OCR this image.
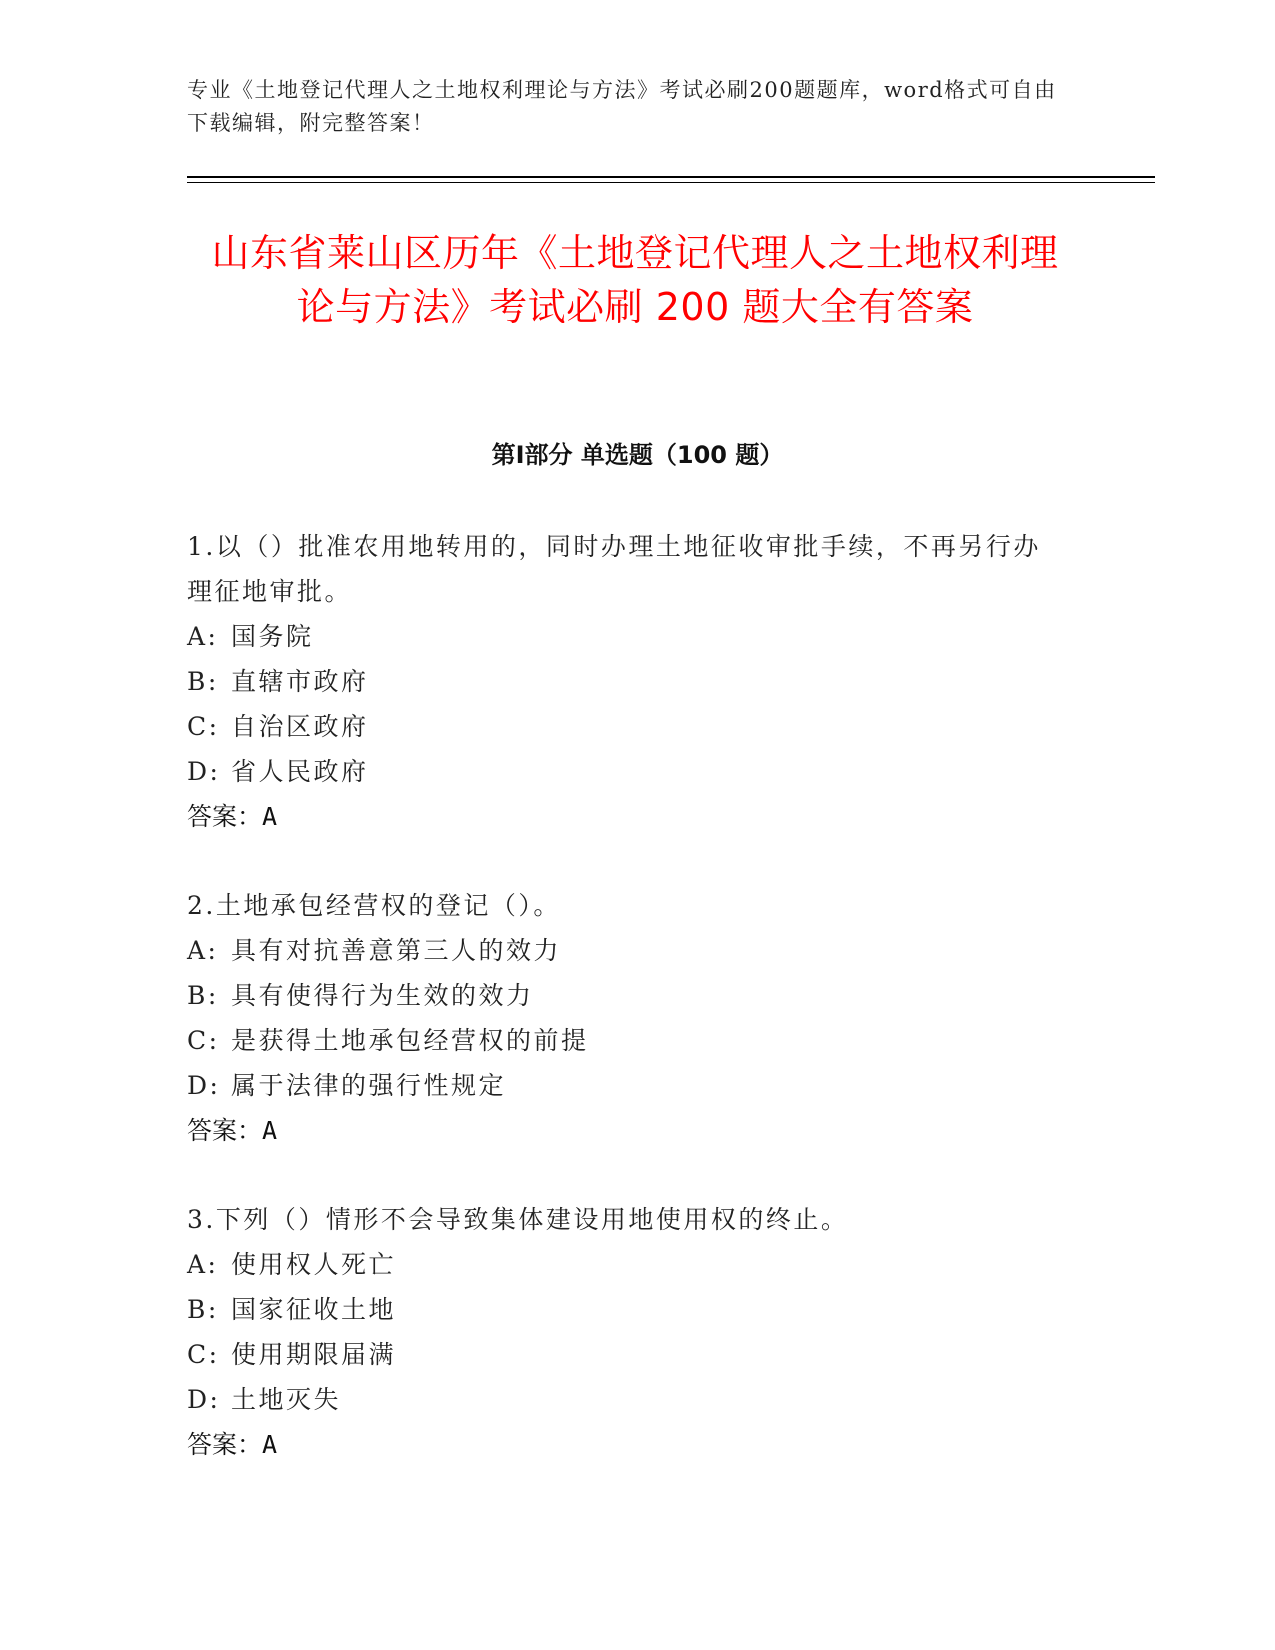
专业《土地登记代理人之土地权利理论与方法》考试必刷200题题库，word格式可自由下载编辑，附完整答案！
山东省莱山区历年《土地登记代理人之土地权利理论与方法》考试必刷 200 题大全有答案
第Ⅰ部分 单选题（100 题）

1.以（）批准农用地转用的，同时办理土地征收审批手续，不再另行办理征地审批。

A: 国务院
B: 直辖市政府
C: 自治区政府
D: 省人民政府
答案：A

2.土地承包经营权的登记（）。

A: 具有对抗善意第三人的效力
B: 具有使得行为生效的效力
C: 是获得土地承包经营权的前提
D: 属于法律的强行性规定
答案：A

3.下列（）情形不会导致集体建设用地使用权的终止。

A: 使用权人死亡
B: 国家征收土地
C: 使用期限届满
D: 土地灭失
答案：A
